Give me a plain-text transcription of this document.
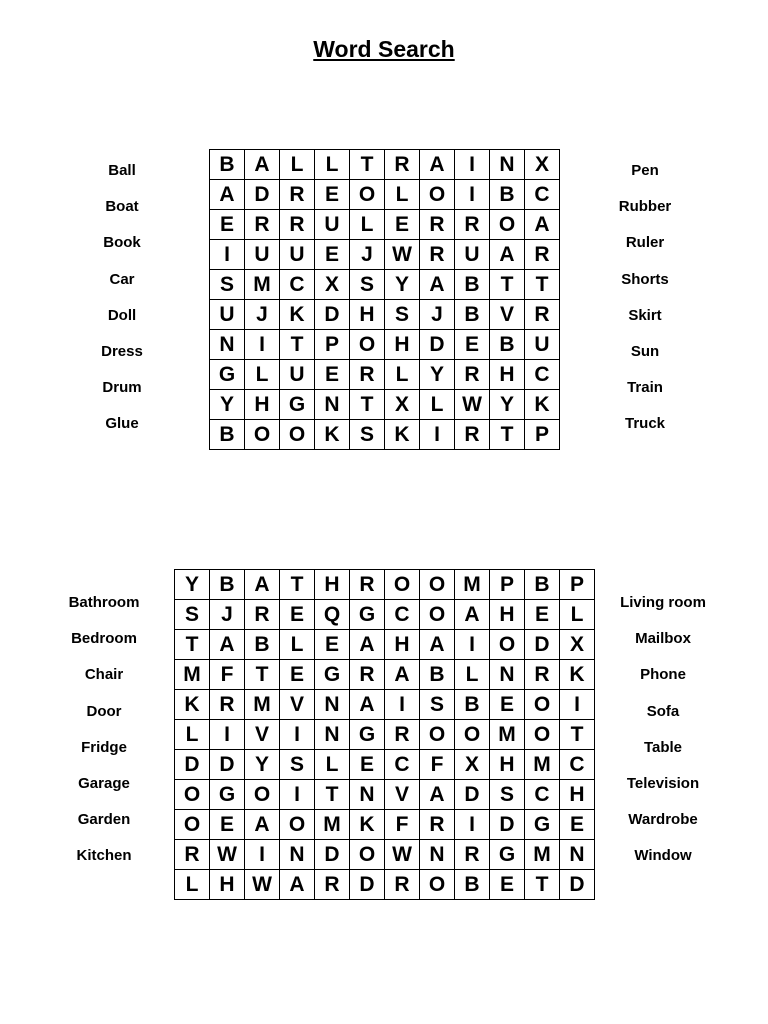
Word Search
Ball
Boat
Book
Car
Doll
Dress
Drum
Glue
B	A	L	L	T	R	A	I	N	X
A	D	R	E	O	L	O	I	B	C
E	R	R	U	L	E	R	R	O	A
I	U	U	E	J	W	R	U	A	R
S	M	C	X	S	Y	A	B	T	T
U	J	K	D	H	S	J	B	V	R
N	I	T	P	O	H	D	E	B	U
G	L	U	E	R	L	Y	R	H	C
Y	H	G	N	T	X	L	W	Y	K
B	O	O	K	S	K	I	R	T	P
Pen
Rubber
Ruler
Shorts
Skirt
Sun
Train
Truck
Bathroom
Bedroom
Chair
Door
Fridge
Garage
Garden
Kitchen
Y	B	A	T	H	R	O	O	M	P	B	P
S	J	R	E	Q	G	C	O	A	H	E	L
T	A	B	L	E	A	H	A	I	O	D	X
M	F	T	E	G	R	A	B	L	N	R	K
K	R	M	V	N	A	I	S	B	E	O	I
L	I	V	I	N	G	R	O	O	M	O	T
D	D	Y	S	L	E	C	F	X	H	M	C
O	G	O	I	T	N	V	A	D	S	C	H
O	E	A	O	M	K	F	R	I	D	G	E
R	W	I	N	D	O	W	N	R	G	M	N
L	H	W	A	R	D	R	O	B	E	T	D
Living room
Mailbox
Phone
Sofa
Table
Television
Wardrobe
Window
